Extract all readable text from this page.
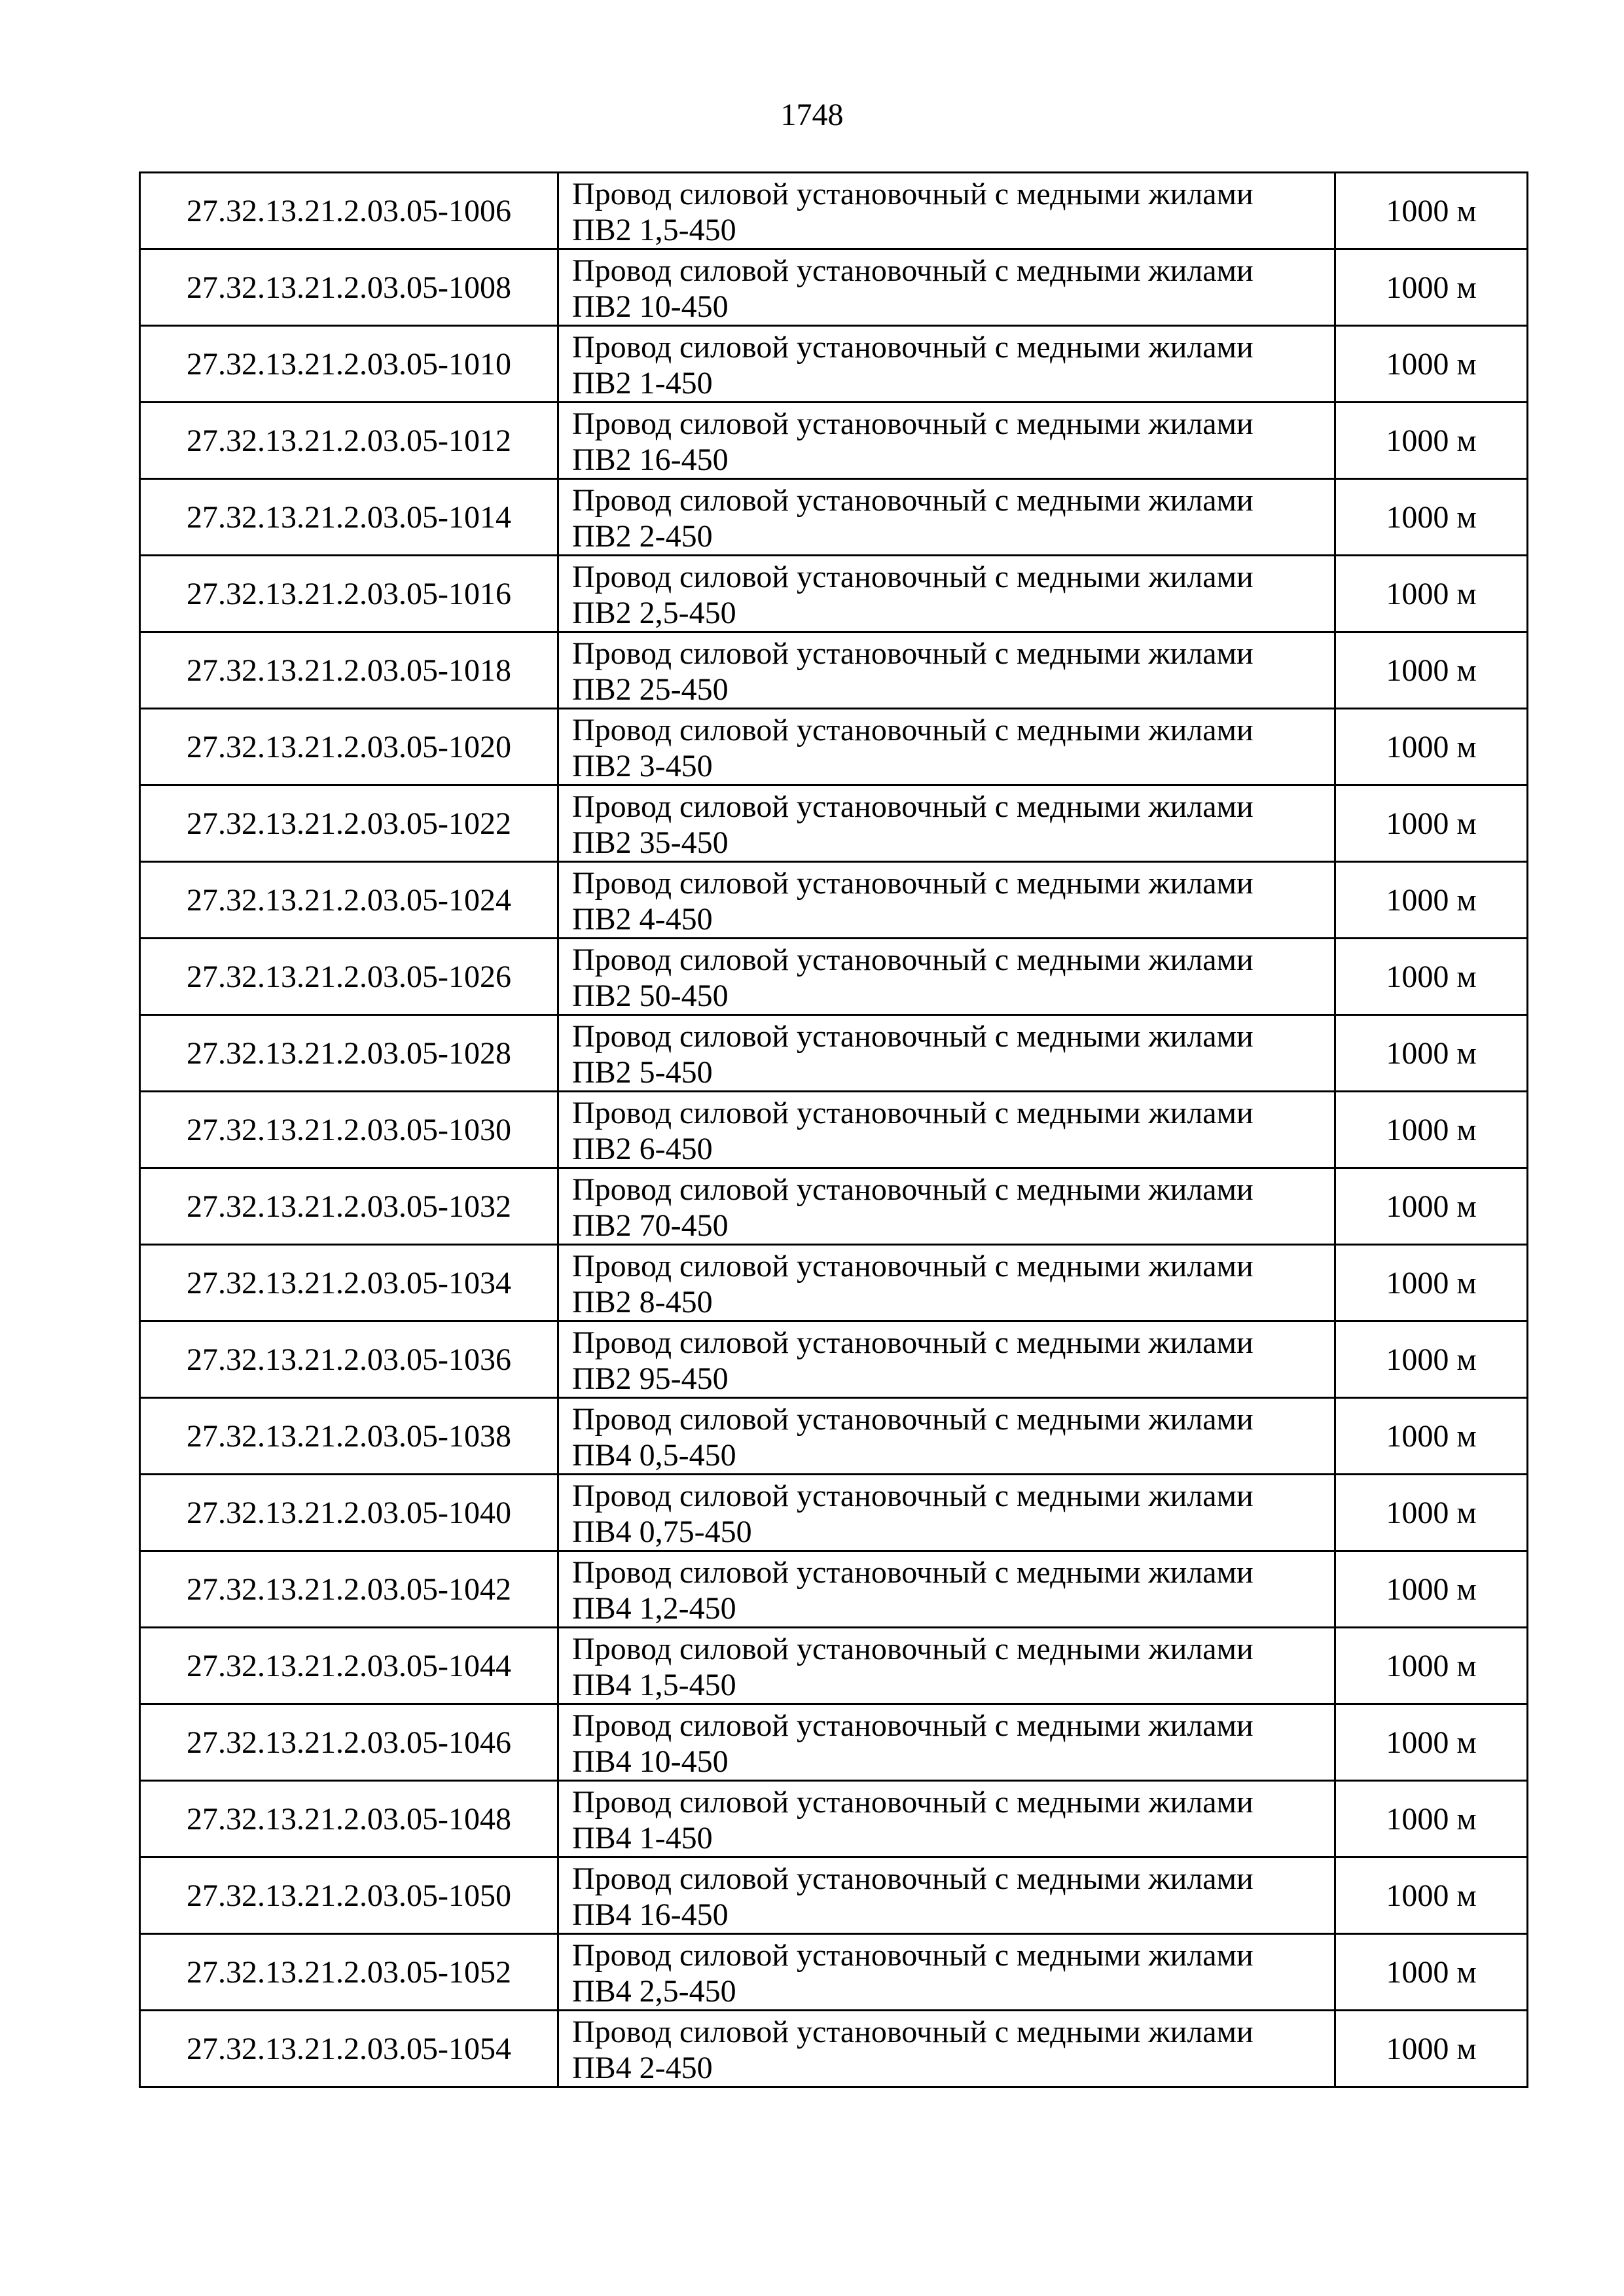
1748
27.32.13.21.2.03.05-1006	Провод силовой установочный с медными жилами
ПВ2 1,5-450	1000 м
27.32.13.21.2.03.05-1008	Провод силовой установочный с медными жилами
ПВ2 10-450	1000 м
27.32.13.21.2.03.05-1010	Провод силовой установочный с медными жилами
ПВ2 1-450	1000 м
27.32.13.21.2.03.05-1012	Провод силовой установочный с медными жилами
ПВ2 16-450	1000 м
27.32.13.21.2.03.05-1014	Провод силовой установочный с медными жилами
ПВ2 2-450	1000 м
27.32.13.21.2.03.05-1016	Провод силовой установочный с медными жилами
ПВ2 2,5-450	1000 м
27.32.13.21.2.03.05-1018	Провод силовой установочный с медными жилами
ПВ2 25-450	1000 м
27.32.13.21.2.03.05-1020	Провод силовой установочный с медными жилами
ПВ2 3-450	1000 м
27.32.13.21.2.03.05-1022	Провод силовой установочный с медными жилами
ПВ2 35-450	1000 м
27.32.13.21.2.03.05-1024	Провод силовой установочный с медными жилами
ПВ2 4-450	1000 м
27.32.13.21.2.03.05-1026	Провод силовой установочный с медными жилами
ПВ2 50-450	1000 м
27.32.13.21.2.03.05-1028	Провод силовой установочный с медными жилами
ПВ2 5-450	1000 м
27.32.13.21.2.03.05-1030	Провод силовой установочный с медными жилами
ПВ2 6-450	1000 м
27.32.13.21.2.03.05-1032	Провод силовой установочный с медными жилами
ПВ2 70-450	1000 м
27.32.13.21.2.03.05-1034	Провод силовой установочный с медными жилами
ПВ2 8-450	1000 м
27.32.13.21.2.03.05-1036	Провод силовой установочный с медными жилами
ПВ2 95-450	1000 м
27.32.13.21.2.03.05-1038	Провод силовой установочный с медными жилами
ПВ4 0,5-450	1000 м
27.32.13.21.2.03.05-1040	Провод силовой установочный с медными жилами
ПВ4 0,75-450	1000 м
27.32.13.21.2.03.05-1042	Провод силовой установочный с медными жилами
ПВ4 1,2-450	1000 м
27.32.13.21.2.03.05-1044	Провод силовой установочный с медными жилами
ПВ4 1,5-450	1000 м
27.32.13.21.2.03.05-1046	Провод силовой установочный с медными жилами
ПВ4 10-450	1000 м
27.32.13.21.2.03.05-1048	Провод силовой установочный с медными жилами
ПВ4 1-450	1000 м
27.32.13.21.2.03.05-1050	Провод силовой установочный с медными жилами
ПВ4 16-450	1000 м
27.32.13.21.2.03.05-1052	Провод силовой установочный с медными жилами
ПВ4 2,5-450	1000 м
27.32.13.21.2.03.05-1054	Провод силовой установочный с медными жилами
ПВ4 2-450	1000 м
